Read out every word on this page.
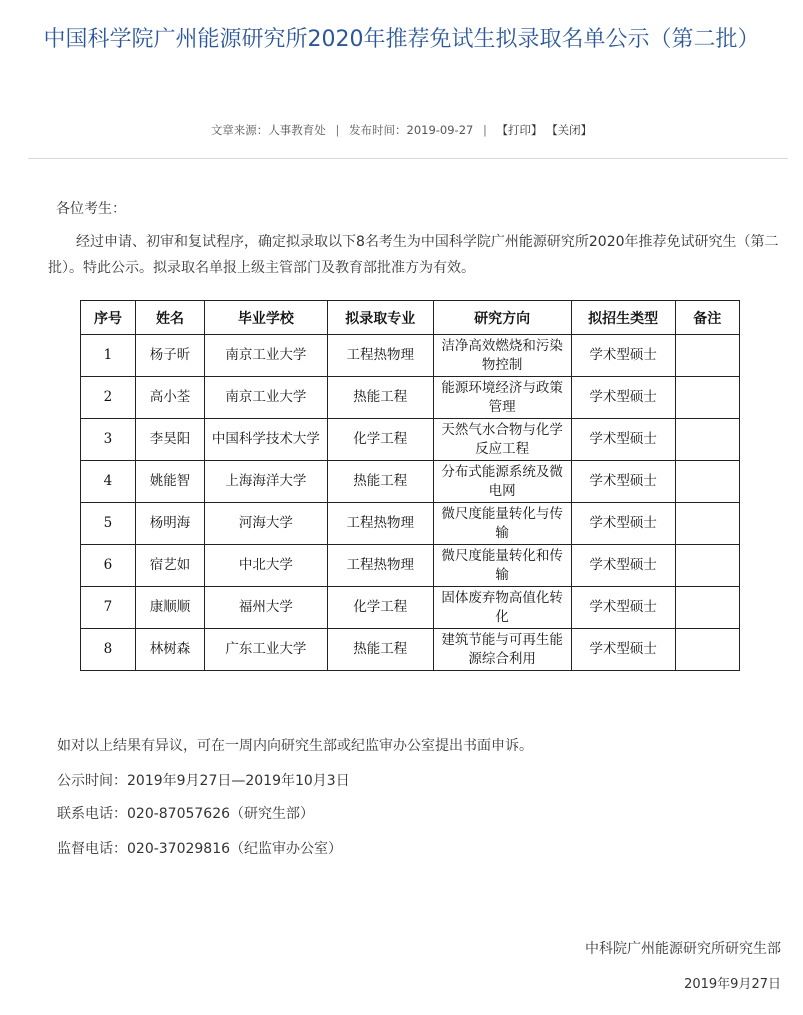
中国科学院广州能源研究所2020年推荐免试生拟录取名单公示（第二批）
文章来源：人事教育处 | 发布时间：2019-09-27 | 【打印】 【关闭】

各位考生：

经过申请、初审和复试程序，确定拟录取以下8名考生为中国科学院广州能源研究所2020年推荐免试研究生（第二批）。特此公示。拟录取名单报上级主管部门及教育部批准方为有效。

序号	姓名	毕业学校	拟录取专业	研究方向	拟招生类型	备注
1	杨子昕	南京工业大学	工程热物理	洁净高效燃烧和污染物控制	学术型硕士	
2	高小荃	南京工业大学	热能工程	能源环境经济与政策管理	学术型硕士	
3	李昊阳	中国科学技术大学	化学工程	天然气水合物与化学反应工程	学术型硕士	
4	姚能智	上海海洋大学	热能工程	分布式能源系统及微电网	学术型硕士	
5	杨明海	河海大学	工程热物理	微尺度能量转化与传输	学术型硕士	
6	宿艺如	中北大学	工程热物理	微尺度能量转化和传输	学术型硕士	
7	康顺顺	福州大学	化学工程	固体废弃物高值化转化	学术型硕士	
8	林树森	广东工业大学	热能工程	建筑节能与可再生能源综合利用	学术型硕士	

如对以上结果有异议，可在一周内向研究生部或纪监审办公室提出书面申诉。

公示时间：2019年9月27日—2019年10月3日

联系电话：020-87057626（研究生部）

监督电话：020-37029816（纪监审办公室）

中科院广州能源研究所研究生部

2019年9月27日
